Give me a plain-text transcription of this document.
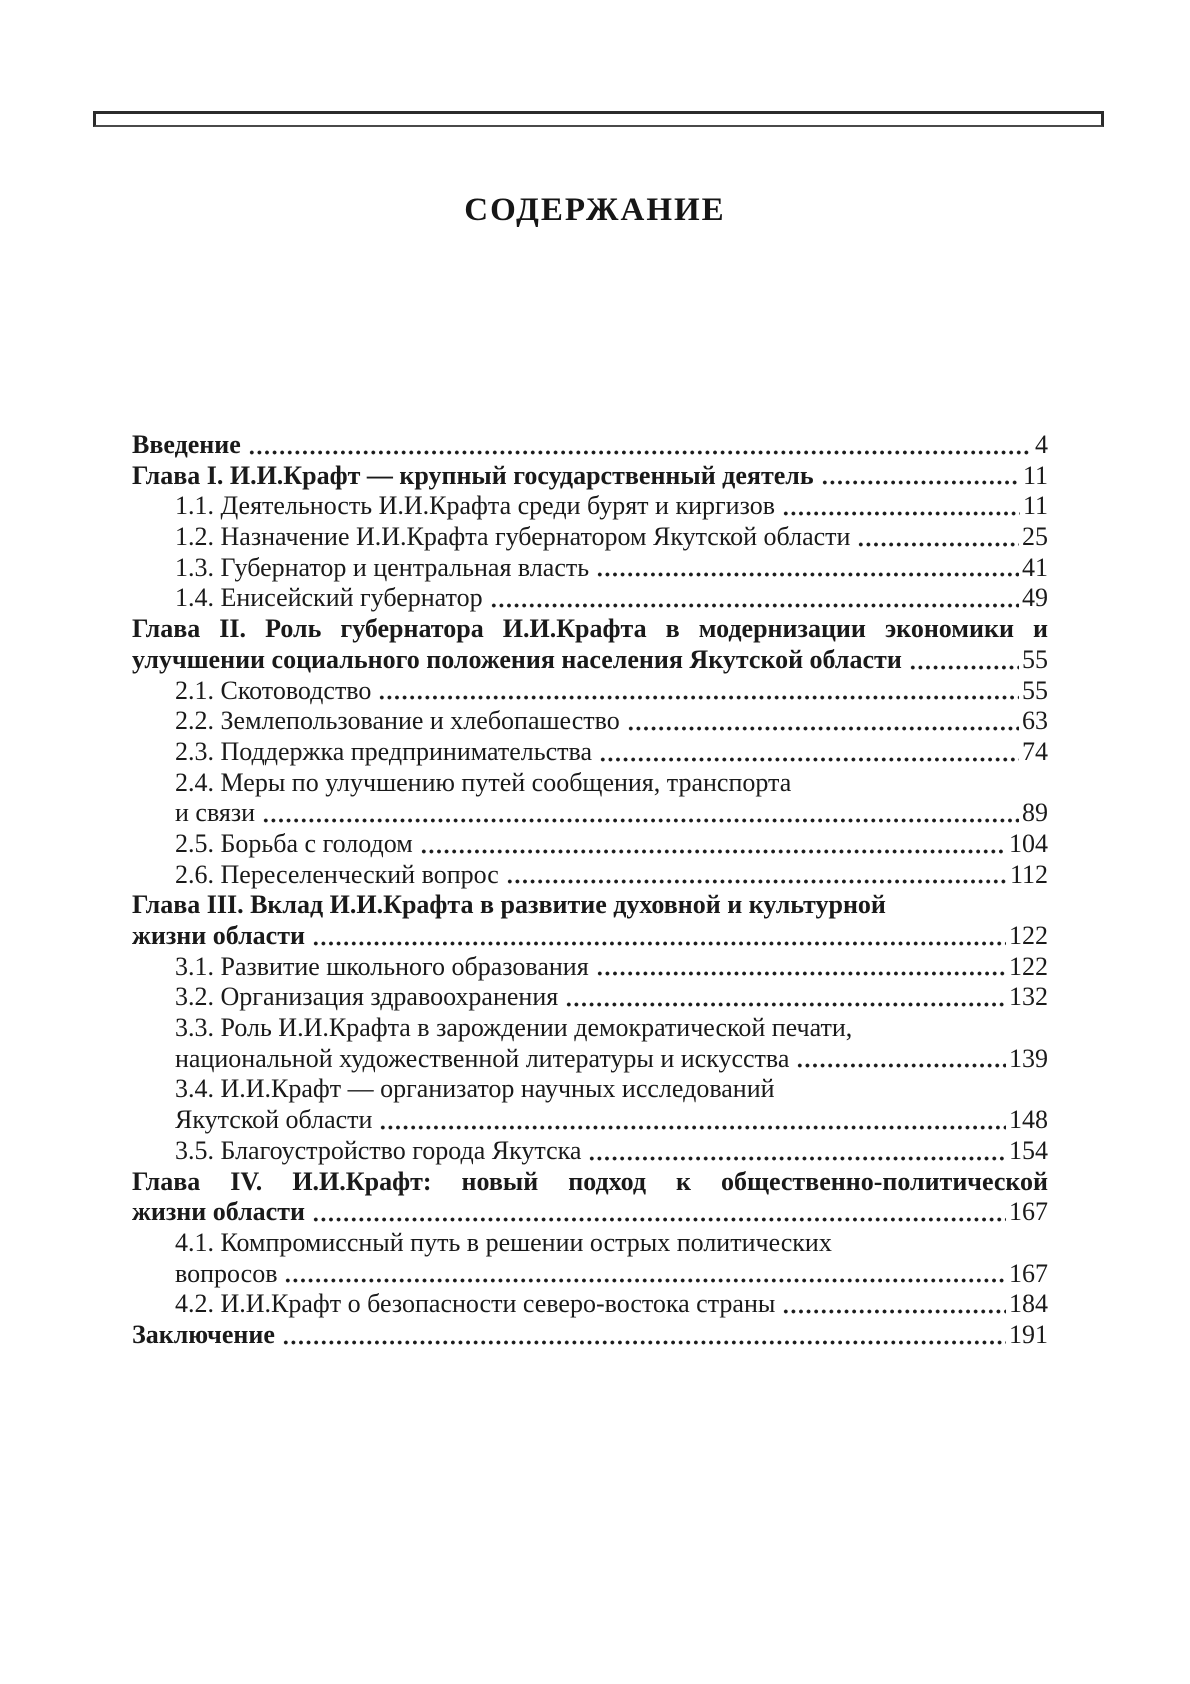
СОДЕРЖАНИЕ
Введение	4
Глава I. И.И.Крафт — крупный государственный деятель	11
1.1. Деятельность И.И.Крафта среди бурят и киргизов	11
1.2. Назначение И.И.Крафта губернатором Якутской области	25
1.3. Губернатор и центральная власть	41
1.4. Енисейский губернатор	49
Глава II. Роль губернатора И.И.Крафта в модернизации экономики и
улучшении социального положения населения Якутской области	55
2.1. Скотоводство	55
2.2. Землепользование и хлебопашество	63
2.3. Поддержка предпринимательства	74
2.4. Меры по улучшению путей сообщения, транспорта
и связи	89
2.5. Борьба с голодом	104
2.6. Переселенческий вопрос	112
Глава III. Вклад И.И.Крафта в развитие духовной и культурной
жизни области	122
3.1. Развитие школьного образования	122
3.2. Организация здравоохранения	132
3.3. Роль И.И.Крафта в зарождении демократической печати,
национальной художественной литературы и искусства	139
3.4. И.И.Крафт — организатор научных исследований
Якутской области	148
3.5. Благоустройство города Якутска	154
Глава IV. И.И.Крафт: новый подход к общественно-политической
жизни области	167
4.1. Компромиссный путь в решении острых политических
вопросов	167
4.2. И.И.Крафт о безопасности северо-востока страны	184
Заключение	191
